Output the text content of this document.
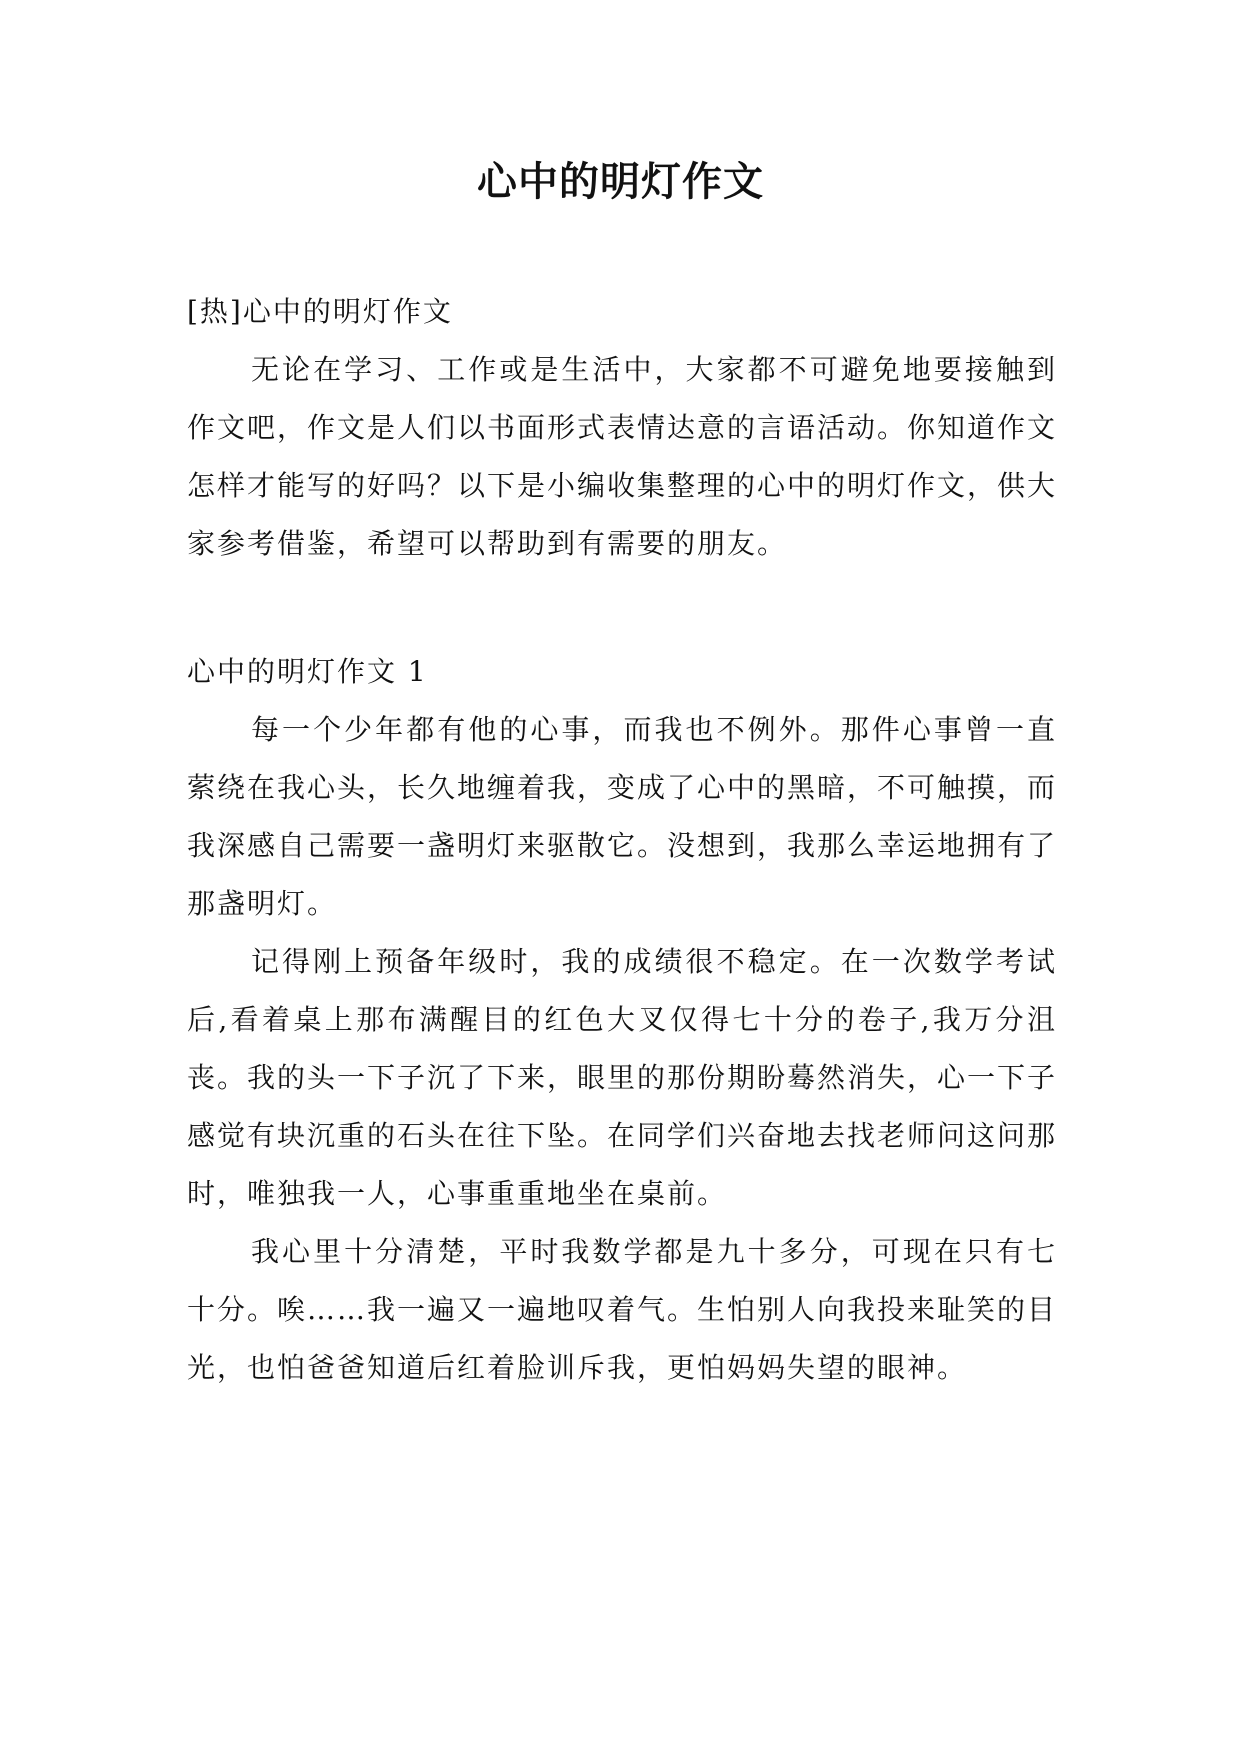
心中的明灯作文

[热]心中的明灯作文

无论在学习、工作或是生活中，大家都不可避免地要接触到作文吧，作文是人们以书面形式表情达意的言语活动。你知道作文怎样才能写的好吗？以下是小编收集整理的心中的明灯作文，供大家参考借鉴，希望可以帮助到有需要的朋友。

心中的明灯作文 1

每一个少年都有他的心事，而我也不例外。那件心事曾一直萦绕在我心头，长久地缠着我，变成了心中的黑暗，不可触摸，而我深感自己需要一盏明灯来驱散它。没想到，我那么幸运地拥有了那盏明灯。

记得刚上预备年级时，我的成绩很不稳定。在一次数学考试后,看着桌上那布满醒目的红色大叉仅得七十分的卷子,我万分沮丧。我的头一下子沉了下来，眼里的那份期盼蓦然消失，心一下子感觉有块沉重的石头在往下坠。在同学们兴奋地去找老师问这问那时，唯独我一人，心事重重地坐在桌前。

我心里十分清楚，平时我数学都是九十多分，可现在只有七十分。唉……我一遍又一遍地叹着气。生怕别人向我投来耻笑的目光，也怕爸爸知道后红着脸训斥我，更怕妈妈失望的眼神。
